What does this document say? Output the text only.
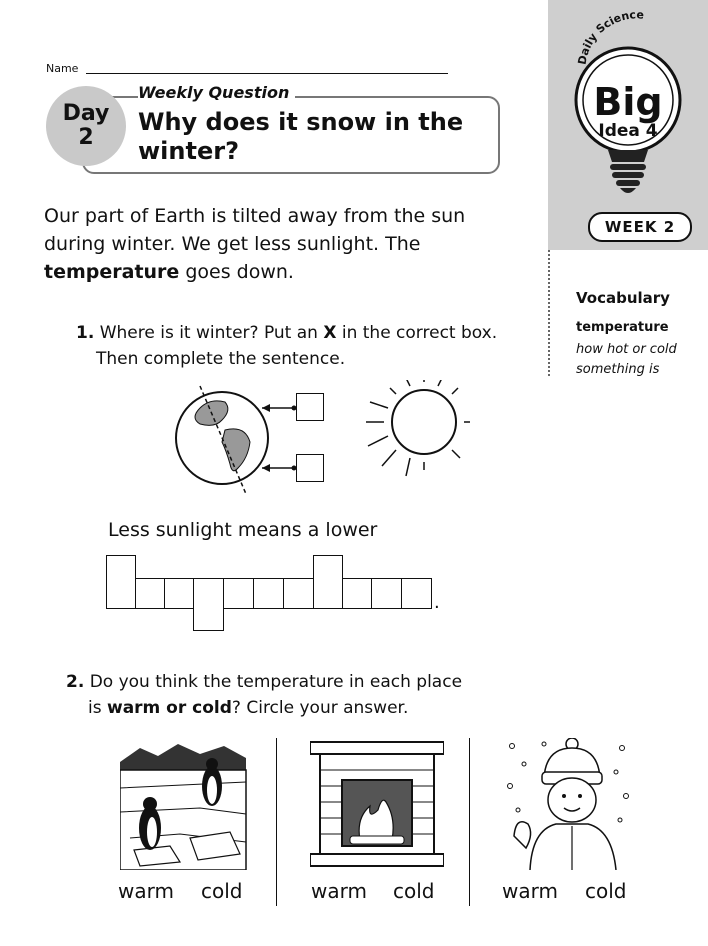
Daily Science
Big
Idea 4
WEEK 2
Vocabulary
temperature
how hot or cold something is
Name
Day
2
Weekly Question
Why does it snow in the winter?
Our part of Earth is tilted away from the sun during winter. We get less sunlight. The temperature goes down.
1. Where is it winter? Put an X in the correct box.
Then complete the sentence.
Less sunlight means a lower
.
2. Do you think the temperature in each place
is warm or cold? Circle your answer.
warm cold	warm cold	warm cold
